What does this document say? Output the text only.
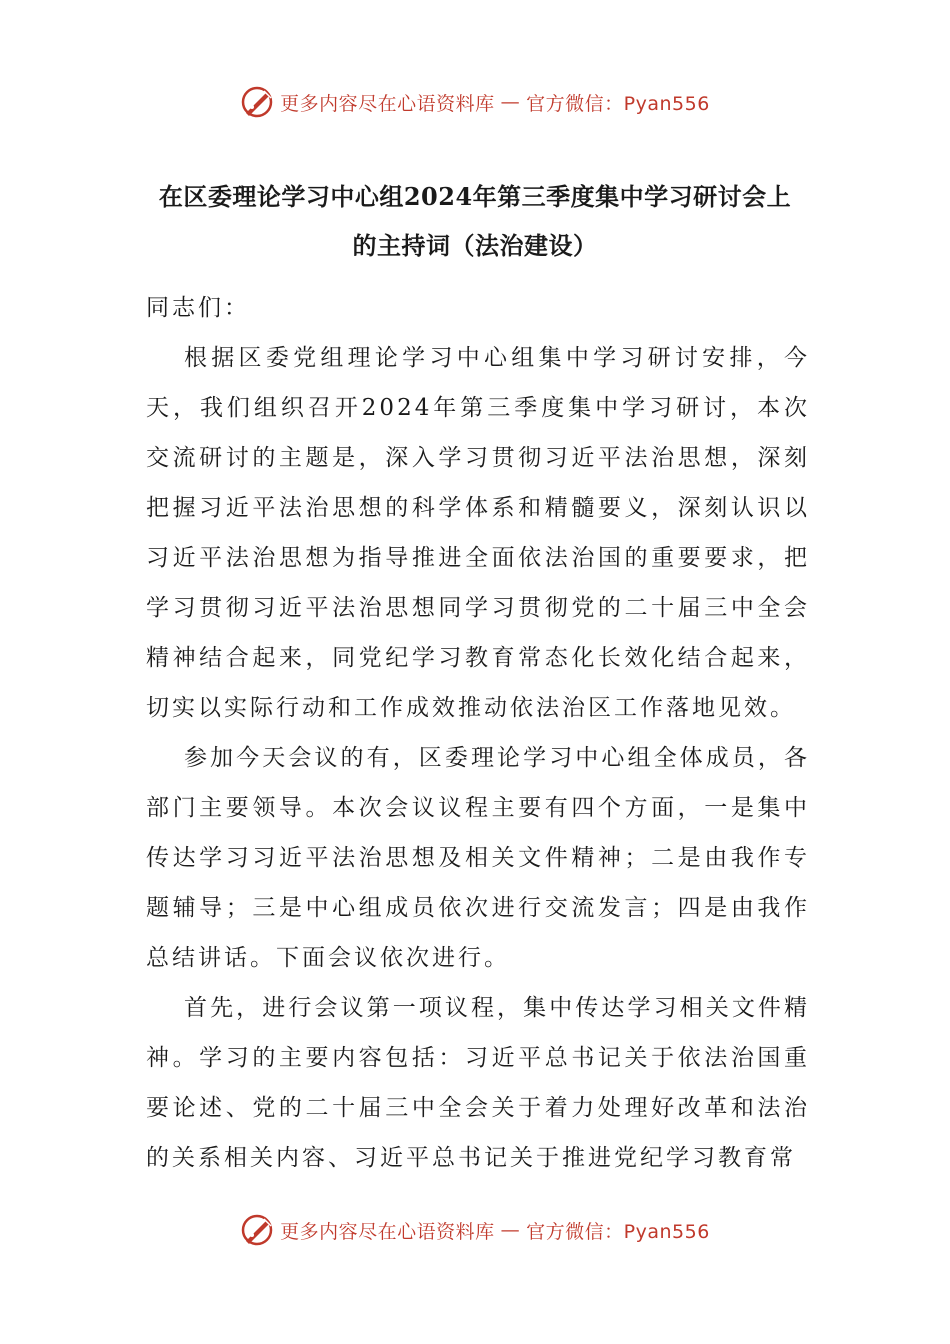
更多内容尽在心语资料库 — 官方微信：Pyan556
在区委理论学习中心组2024年第三季度集中学习研讨会上
的主持词（法治建设）

同志们：

根据区委党组理论学习中心组集中学习研讨安排，今天，我们组织召开2024年第三季度集中学习研讨，本次交流研讨的主题是，深入学习贯彻习近平法治思想，深刻把握习近平法治思想的科学体系和精髓要义，深刻认识以习近平法治思想为指导推进全面依法治国的重要要求，把学习贯彻习近平法治思想同学习贯彻党的二十届三中全会精神结合起来，同党纪学习教育常态化长效化结合起来，切实以实际行动和工作成效推动依法治区工作落地见效。

参加今天会议的有，区委理论学习中心组全体成员，各部门主要领导。本次会议议程主要有四个方面，一是集中传达学习习近平法治思想及相关文件精神；二是由我作专题辅导；三是中心组成员依次进行交流发言；四是由我作总结讲话。下面会议依次进行。

首先，进行会议第一项议程，集中传达学习相关文件精神。学习的主要内容包括：习近平总书记关于依法治国重要论述、党的二十届三中全会关于着力处理好改革和法治的关系相关内容、习近平总书记关于推进党纪学习教育常

更多内容尽在心语资料库 — 官方微信：Pyan556
